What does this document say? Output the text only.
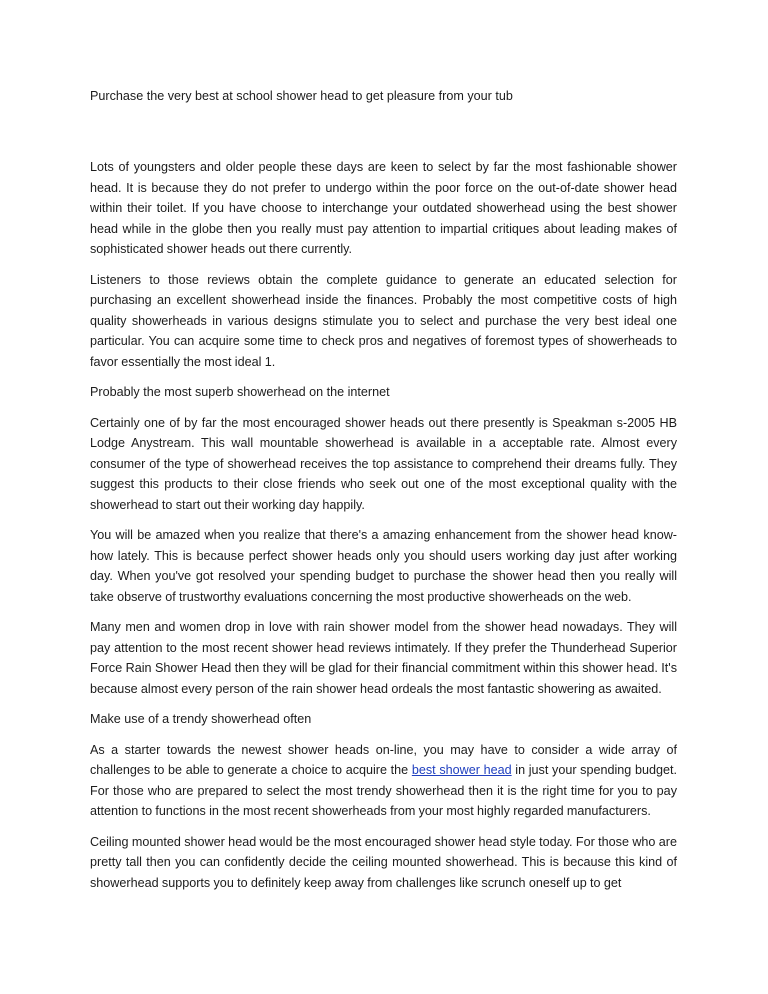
Purchase the very best at school shower head to get pleasure from your tub

Lots of youngsters and older people these days are keen to select by far the most fashionable shower head. It is because they do not prefer to undergo within the poor force on the out-of-date shower head within their toilet. If you have choose to interchange your outdated showerhead using the best shower head while in the globe then you really must pay attention to impartial critiques about leading makes of sophisticated shower heads out there currently.

Listeners to those reviews obtain the complete guidance to generate an educated selection for purchasing an excellent showerhead inside the finances. Probably the most competitive costs of high quality showerheads in various designs stimulate you to select and purchase the very best ideal one particular. You can acquire some time to check pros and negatives of foremost types of showerheads to favor essentially the most ideal 1.

Probably the most superb showerhead on the internet

Certainly one of by far the most encouraged shower heads out there presently is Speakman s-2005 HB Lodge Anystream. This wall mountable showerhead is available in a acceptable rate. Almost every consumer of the type of showerhead receives the top assistance to comprehend their dreams fully. They suggest this products to their close friends who seek out one of the most exceptional quality with the showerhead to start out their working day happily.

You will be amazed when you realize that there's a amazing enhancement from the shower head know-how lately. This is because perfect shower heads only you should users working day just after working day. When you've got resolved your spending budget to purchase the shower head then you really will take observe of trustworthy evaluations concerning the most productive showerheads on the web.

Many men and women drop in love with rain shower model from the shower head nowadays. They will pay attention to the most recent shower head reviews intimately. If they prefer the Thunderhead Superior Force Rain Shower Head then they will be glad for their financial commitment within this shower head. It's because almost every person of the rain shower head ordeals the most fantastic showering as awaited.

Make use of a trendy showerhead often

As a starter towards the newest shower heads on-line, you may have to consider a wide array of challenges to be able to generate a choice to acquire the best shower head in just your spending budget. For those who are prepared to select the most trendy showerhead then it is the right time for you to pay attention to functions in the most recent showerheads from your most highly regarded manufacturers.

Ceiling mounted shower head would be the most encouraged shower head style today. For those who are pretty tall then you can confidently decide the ceiling mounted showerhead. This is because this kind of showerhead supports you to definitely keep away from challenges like scrunch oneself up to get
